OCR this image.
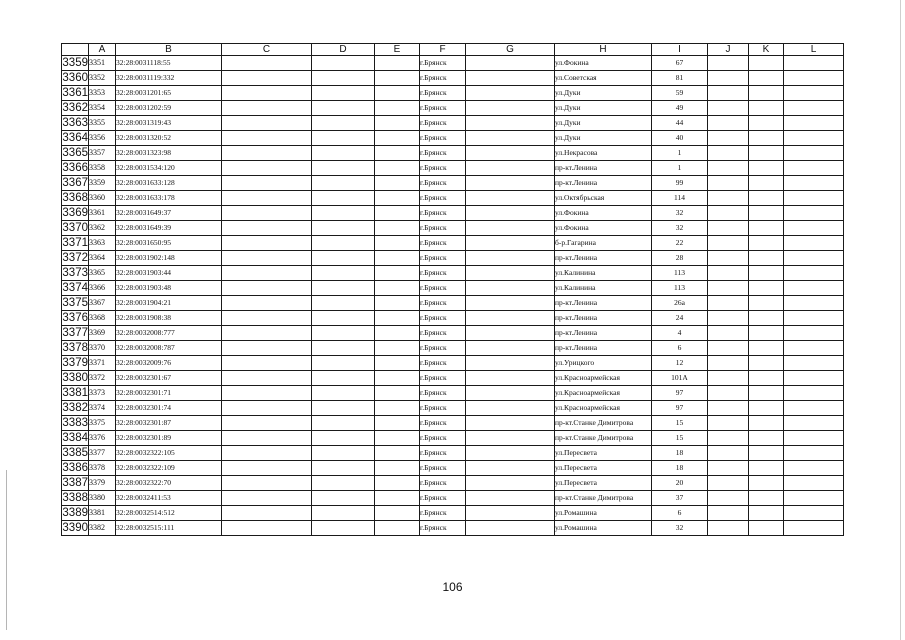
	A	B	C	D	E	F	G	H	I	J	K	L
3359	3351	32:28:0031118:55				г.Брянск		ул.Фокина	67			
3360	3352	32:28:0031119:332				г.Брянск		ул.Советская	81			
3361	3353	32:28:0031201:65				г.Брянск		ул.Дуки	59			
3362	3354	32:28:0031202:59				г.Брянск		ул.Дуки	49			
3363	3355	32:28:0031319:43				г.Брянск		ул.Дуки	44			
3364	3356	32:28:0031320:52				г.Брянск		ул.Дуки	40			
3365	3357	32:28:0031323:98				г.Брянск		ул.Некрасова	1			
3366	3358	32:28:0031534:120				г.Брянск		пр-кт.Ленина	1			
3367	3359	32:28:0031633:128				г.Брянск		пр-кт.Ленина	99			
3368	3360	32:28:0031633:178				г.Брянск		ул.Октябрьская	114			
3369	3361	32:28:0031649:37				г.Брянск		ул.Фокина	32			
3370	3362	32:28:0031649:39				г.Брянск		ул.Фокина	32			
3371	3363	32:28:0031650:95				г.Брянск		б-р.Гагарина	22			
3372	3364	32:28:0031902:148				г.Брянск		пр-кт.Ленина	28			
3373	3365	32:28:0031903:44				г.Брянск		ул.Калинина	113			
3374	3366	32:28:0031903:48				г.Брянск		ул.Калинина	113			
3375	3367	32:28:0031904:21				г.Брянск		пр-кт.Ленина	26а			
3376	3368	32:28:0031908:38				г.Брянск		пр-кт.Ленина	24			
3377	3369	32:28:0032008:777				г.Брянск		пр-кт.Ленина	4			
3378	3370	32:28:0032008:787				г.Брянск		пр-кт.Ленина	6			
3379	3371	32:28:0032009:76				г.Брянск		ул.Урицкого	12			
3380	3372	32:28:0032301:67				г.Брянск		ул.Красноармейская	101А			
3381	3373	32:28:0032301:71				г.Брянск		ул.Красноармейская	97			
3382	3374	32:28:0032301:74				г.Брянск		ул.Красноармейская	97			
3383	3375	32:28:0032301:87				г.Брянск		пр-кт.Станке Димитрова	15			
3384	3376	32:28:0032301:89				г.Брянск		пр-кт.Станке Димитрова	15			
3385	3377	32:28:0032322:105				г.Брянск		ул.Пересвета	18			
3386	3378	32:28:0032322:109				г.Брянск		ул.Пересвета	18			
3387	3379	32:28:0032322:70				г.Брянск		ул.Пересвета	20			
3388	3380	32:28:0032411:53				г.Брянск		пр-кт.Станке Димитрова	37			
3389	3381	32:28:0032514:512				г.Брянск		ул.Ромашина	6			
3390	3382	32:28:0032515:111				г.Брянск		ул.Ромашина	32			
106
